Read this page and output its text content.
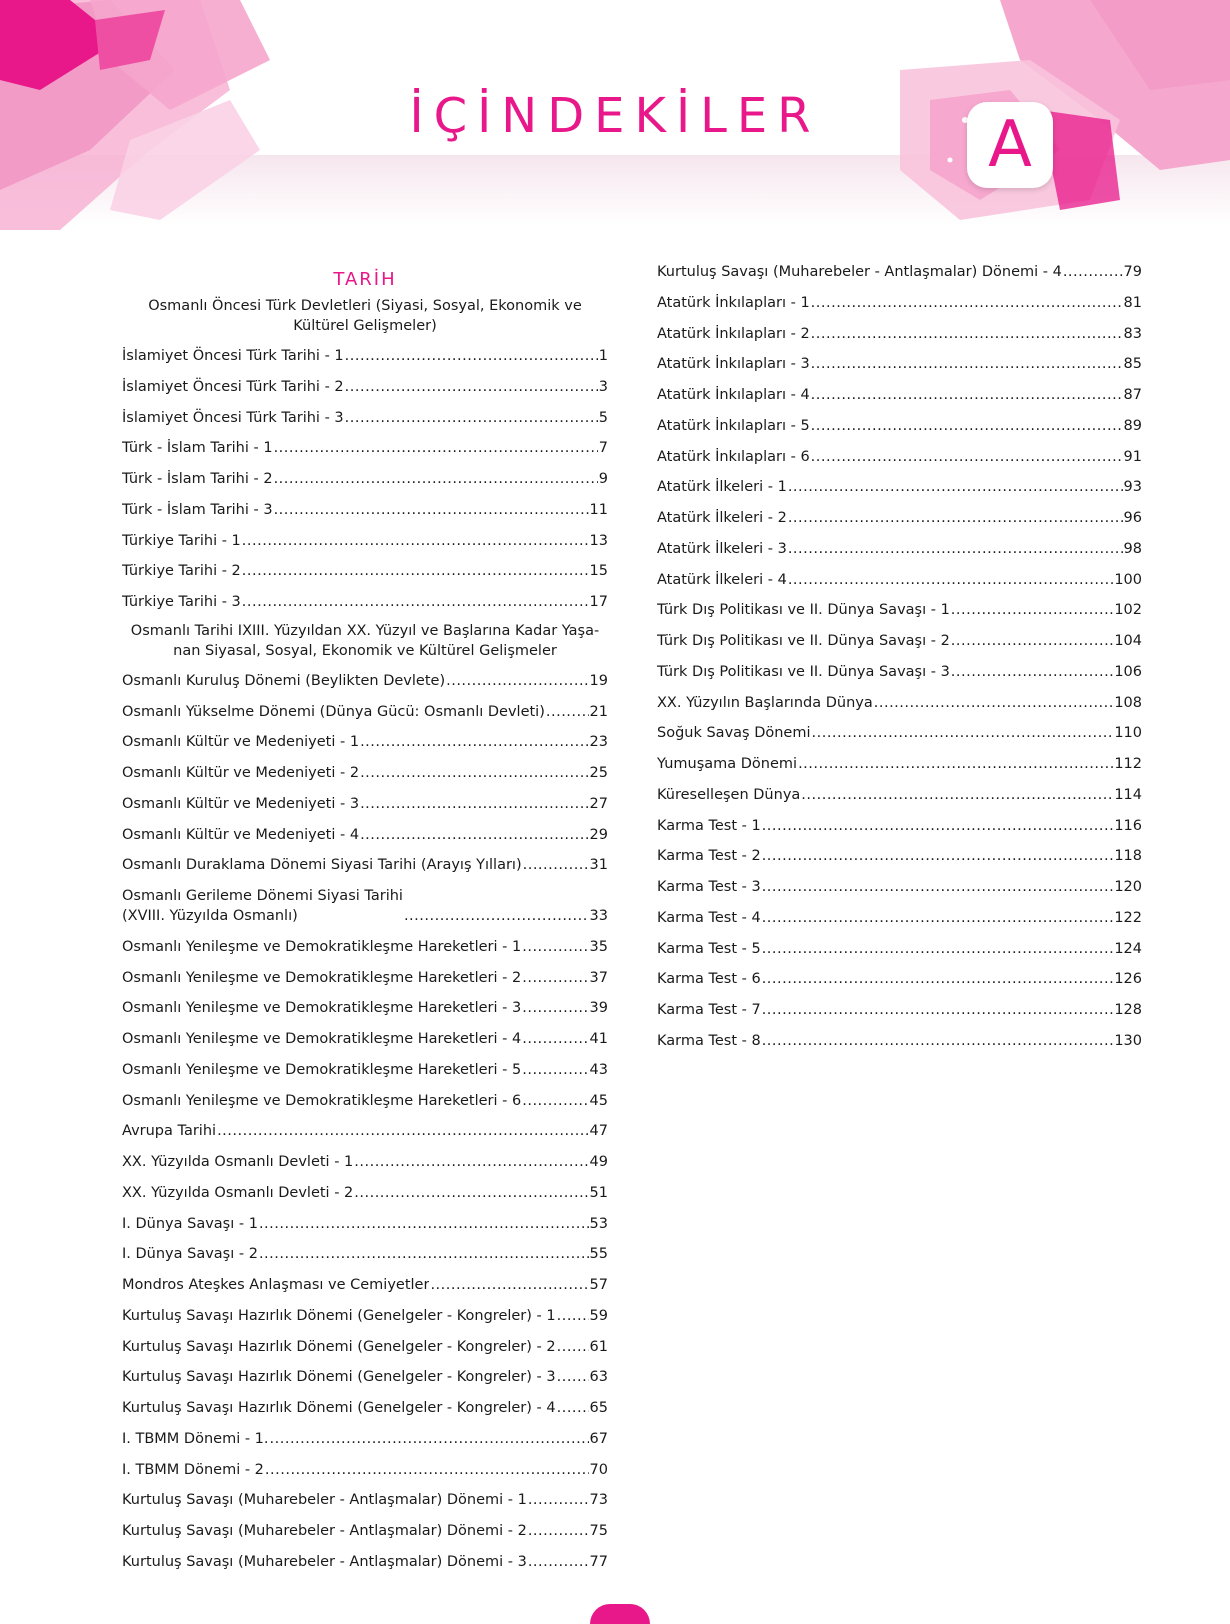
İÇİNDEKİLER	A
TARİH
Osmanlı Öncesi Türk Devletleri (Siyasi, Sosyal, Ekonomik ve
Kültürel Gelişmeler)
İslamiyet Öncesi Türk Tarihi - 1 .....	1
İslamiyet Öncesi Türk Tarihi - 2 .....	3
İslamiyet Öncesi Türk Tarihi - 3 .....	5
Türk - İslam Tarihi - 1 .....	7
Türk - İslam Tarihi - 2 .....	9
Türk - İslam Tarihi - 3 .....	11
Türkiye Tarihi - 1 .....	13
Türkiye Tarihi - 2 .....	15
Türkiye Tarihi - 3 .....	17
Osmanlı Tarihi IXIII. Yüzyıldan XX. Yüzyıl ve Başlarına Kadar Yaşa-
nan Siyasal, Sosyal, Ekonomik ve Kültürel Gelişmeler
Osmanlı Kuruluş Dönemi (Beylikten Devlete) .....	19
Osmanlı Yükselme Dönemi (Dünya Gücü: Osmanlı Devleti) .....	21
Osmanlı Kültür ve Medeniyeti - 1 .....	23
Osmanlı Kültür ve Medeniyeti - 2 .....	25
Osmanlı Kültür ve Medeniyeti - 3 .....	27
Osmanlı Kültür ve Medeniyeti - 4 .....	29
Osmanlı Duraklama Dönemi Siyasi Tarihi (Arayış Yılları) .....	31
Osmanlı Gerileme Dönemi Siyasi Tarihi
(XVIII. Yüzyılda Osmanlı) .....	33
Osmanlı Yenileşme ve Demokratikleşme Hareketleri - 1 .....	35
Osmanlı Yenileşme ve Demokratikleşme Hareketleri - 2 .....	37
Osmanlı Yenileşme ve Demokratikleşme Hareketleri - 3 .....	39
Osmanlı Yenileşme ve Demokratikleşme Hareketleri - 4 .....	41
Osmanlı Yenileşme ve Demokratikleşme Hareketleri - 5 .....	43
Osmanlı Yenileşme ve Demokratikleşme Hareketleri - 6 .....	45
Avrupa Tarihi .....	47
XX. Yüzyılda Osmanlı Devleti - 1 .....	49
XX. Yüzyılda Osmanlı Devleti - 2 .....	51
I. Dünya Savaşı - 1 .....	53
I. Dünya Savaşı - 2 .....	55
Mondros Ateşkes Anlaşması ve Cemiyetler .....	57
Kurtuluş Savaşı Hazırlık Dönemi (Genelgeler - Kongreler) - 1 ..... 59
Kurtuluş Savaşı Hazırlık Dönemi (Genelgeler - Kongreler) - 2 ..... 61
Kurtuluş Savaşı Hazırlık Dönemi (Genelgeler - Kongreler) - 3 ..... 63
Kurtuluş Savaşı Hazırlık Dönemi (Genelgeler - Kongreler) - 4 ..... 65
I. TBMM Dönemi - 1. .....	67
I. TBMM Dönemi - 2 .....	70
Kurtuluş Savaşı (Muharebeler - Antlaşmalar) Dönemi - 1 .....	73
Kurtuluş Savaşı (Muharebeler - Antlaşmalar) Dönemi - 2 .....	75
Kurtuluş Savaşı (Muharebeler - Antlaşmalar) Dönemi - 3 .....	77
Kurtuluş Savaşı (Muharebeler - Antlaşmalar) Dönemi - 4 .....	79
Atatürk İnkılapları - 1 .....	81
Atatürk İnkılapları - 2 .....	83
Atatürk İnkılapları - 3 .....	85
Atatürk İnkılapları - 4 .....	87
Atatürk İnkılapları - 5 .....	89
Atatürk İnkılapları - 6 .....	91
Atatürk İlkeleri - 1 .....	93
Atatürk İlkeleri - 2 .....	96
Atatürk İlkeleri - 3 .....	98
Atatürk İlkeleri - 4 .....	100
Türk Dış Politikası ve II. Dünya Savaşı - 1 .....	102
Türk Dış Politikası ve II. Dünya Savaşı - 2 .....	104
Türk Dış Politikası ve II. Dünya Savaşı - 3 .....	106
XX. Yüzyılın Başlarında Dünya .....	108
Soğuk Savaş Dönemi .....	110
Yumuşama Dönemi .....	112
Küreselleşen Dünya .....	114
Karma Test - 1 .....	116
Karma Test - 2 .....	118
Karma Test - 3 .....	120
Karma Test - 4 .....	122
Karma Test - 5 .....	124
Karma Test - 6 .....	126
Karma Test - 7 .....	128
Karma Test - 8 .....	130
